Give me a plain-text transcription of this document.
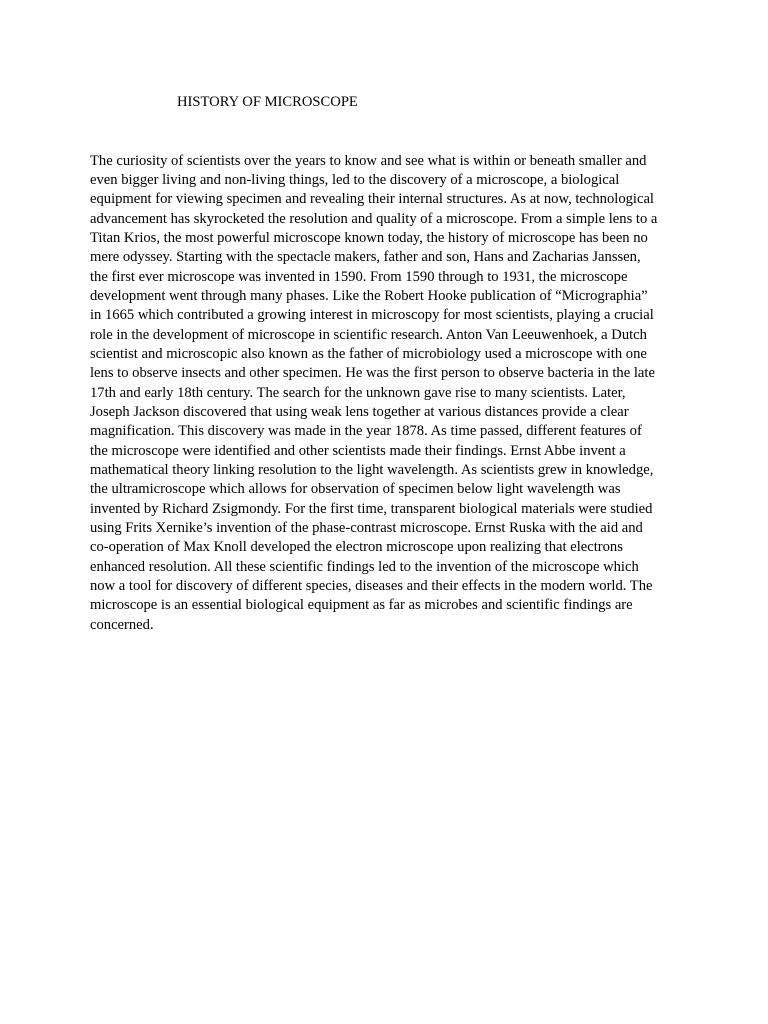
HISTORY OF MICROSCOPE
The curiosity of scientists over the years to know and see what is within or beneath smaller and
even bigger living and non-living things, led to the discovery of a microscope, a biological
equipment for viewing specimen and revealing their internal structures. As at now, technological
advancement has skyrocketed the resolution and quality of a microscope. From a simple lens to a
Titan Krios, the most powerful microscope known today, the history of microscope has been no
mere odyssey. Starting with the spectacle makers, father and son, Hans and Zacharias Janssen,
the first ever microscope was invented in 1590. From 1590 through to 1931, the microscope
development went through many phases. Like the Robert Hooke publication of “Micrographia”
in 1665 which contributed a growing interest in microscopy for most scientists, playing a crucial
role in the development of microscope in scientific research. Anton Van Leeuwenhoek, a Dutch
scientist and microscopic also known as the father of microbiology used a microscope with one
lens to observe insects and other specimen. He was the first person to observe bacteria in the late
17th and early 18th century. The search for the unknown gave rise to many scientists. Later,
Joseph Jackson discovered that using weak lens together at various distances provide a clear
magnification. This discovery was made in the year 1878. As time passed, different features of
the microscope were identified and other scientists made their findings. Ernst Abbe invent a
mathematical theory linking resolution to the light wavelength. As scientists grew in knowledge,
the ultramicroscope which allows for observation of specimen below light wavelength was
invented by Richard Zsigmondy. For the first time, transparent biological materials were studied
using Frits Xernike’s invention of the phase-contrast microscope. Ernst Ruska with the aid and
co-operation of Max Knoll developed the electron microscope upon realizing that electrons
enhanced resolution. All these scientific findings led to the invention of the microscope which
now a tool for discovery of different species, diseases and their effects in the modern world. The
microscope is an essential biological equipment as far as microbes and scientific findings are
concerned.
